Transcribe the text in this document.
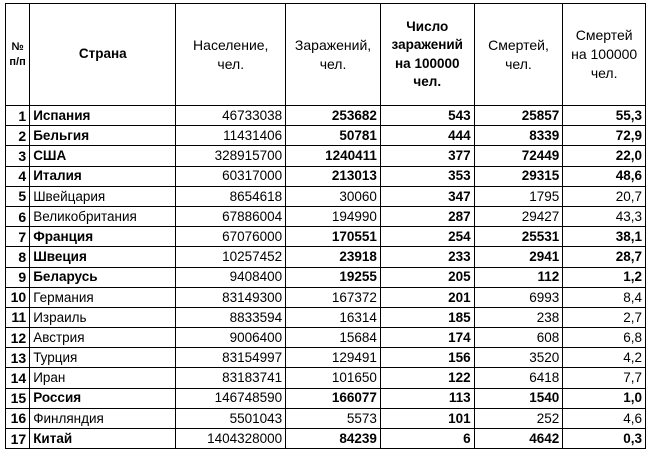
№ п/п	Страна	Население, чел.	Заражений, чел.	Число заражений на 100000 чел.	Смертей, чел.	Смертей на 100000 чел.
1	Испания	46733038	253682	543	25857	55,3
2	Бельгия	11431406	50781	444	8339	72,9
3	США	328915700	1240411	377	72449	22,0
4	Италия	60317000	213013	353	29315	48,6
5	Швейцария	8654618	30060	347	1795	20,7
6	Великобритания	67886004	194990	287	29427	43,3
7	Франция	67076000	170551	254	25531	38,1
8	Швеция	10257452	23918	233	2941	28,7
9	Беларусь	9408400	19255	205	112	1,2
10	Германия	83149300	167372	201	6993	8,4
11	Израиль	8833594	16314	185	238	2,7
12	Австрия	9006400	15684	174	608	6,8
13	Турция	83154997	129491	156	3520	4,2
14	Иран	83183741	101650	122	6418	7,7
15	Россия	146748590	166077	113	1540	1,0
16	Финляндия	5501043	5573	101	252	4,6
17	Китай	1404328000	84239	6	4642	0,3
